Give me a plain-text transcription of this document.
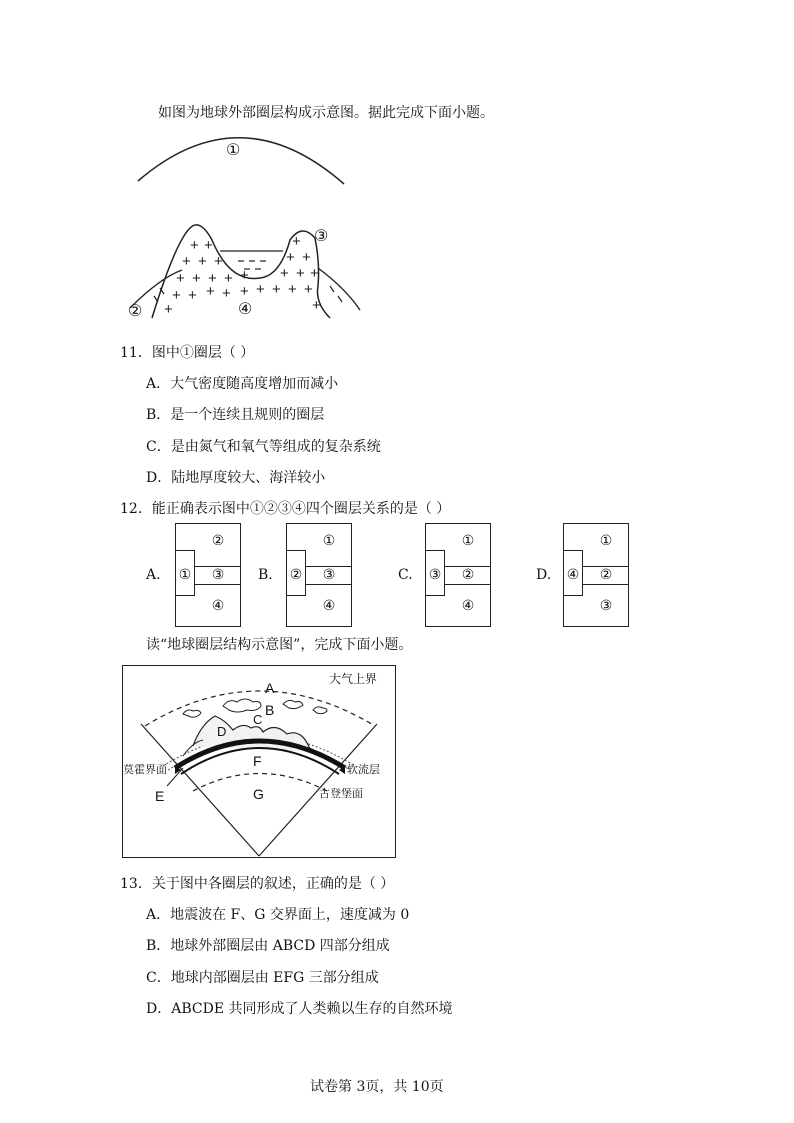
如图为地球外部圈层构成示意图。据此完成下面小题。
+ +
+ + +
+ + + +
+ + + + + + + + +
+ + + +
+ +
+
+	+
①
③
②	④
11．图中①圈层（ ）
A．大气密度随高度增加而减小
B．是一个连续且规则的圈层
C．是由氮气和氧气等组成的复杂系统
D．陆地厚度较大、海洋较小
12．能正确表示图中①②③④四个圈层关系的是（ ）
A.	①
②
③
④
B.	②
①
③
④
C.	③
①
②
④
D.	④
①
②
③
读“地球圈层结构示意图”，完成下面小题。
A
B
C
D
E
F
G
大气上界
莫霍界面	软流层
古登堡面
13．关于图中各圈层的叙述，正确的是（ ）
A．地震波在 F、G 交界面上，速度减为 0
B．地球外部圈层由 ABCD 四部分组成
C．地球内部圈层由 EFG 三部分组成
D．ABCDE 共同形成了人类赖以生存的自然环境
试卷第 3页，共 10页
